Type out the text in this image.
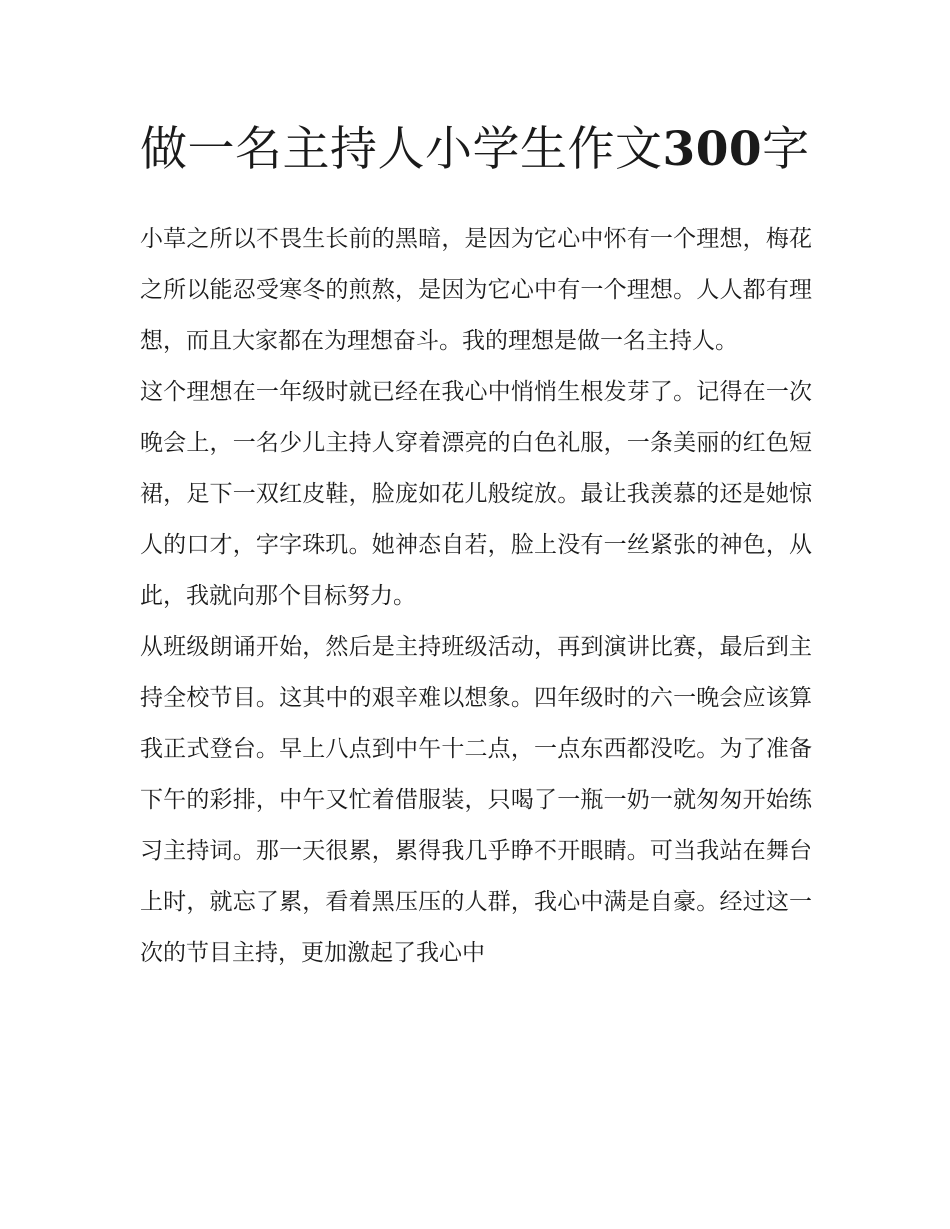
做一名主持人小学生作文300字

小草之所以不畏生长前的黑暗，是因为它心中怀有一个理想，梅花之所以能忍受寒冬的煎熬，是因为它心中有一个理想。人人都有理想，而且大家都在为理想奋斗。我的理想是做一名主持人。

这个理想在一年级时就已经在我心中悄悄生根发芽了。记得在一次晚会上，一名少儿主持人穿着漂亮的白色礼服，一条美丽的红色短裙，足下一双红皮鞋，脸庞如花儿般绽放。最让我羡慕的还是她惊人的口才，字字珠玑。她神态自若，脸上没有一丝紧张的神色，从此，我就向那个目标努力。

从班级朗诵开始，然后是主持班级活动，再到演讲比赛，最后到主持全校节目。这其中的艰辛难以想象。四年级时的六一晚会应该算我正式登台。早上八点到中午十二点，一点东西都没吃。为了准备下午的彩排，中午又忙着借服装，只喝了一瓶一奶一就匆匆开始练习主持词。那一天很累，累得我几乎睁不开眼睛。可当我站在舞台上时，就忘了累，看着黑压压的人群，我心中满是自豪。经过这一次的节目主持，更加激起了我心中
